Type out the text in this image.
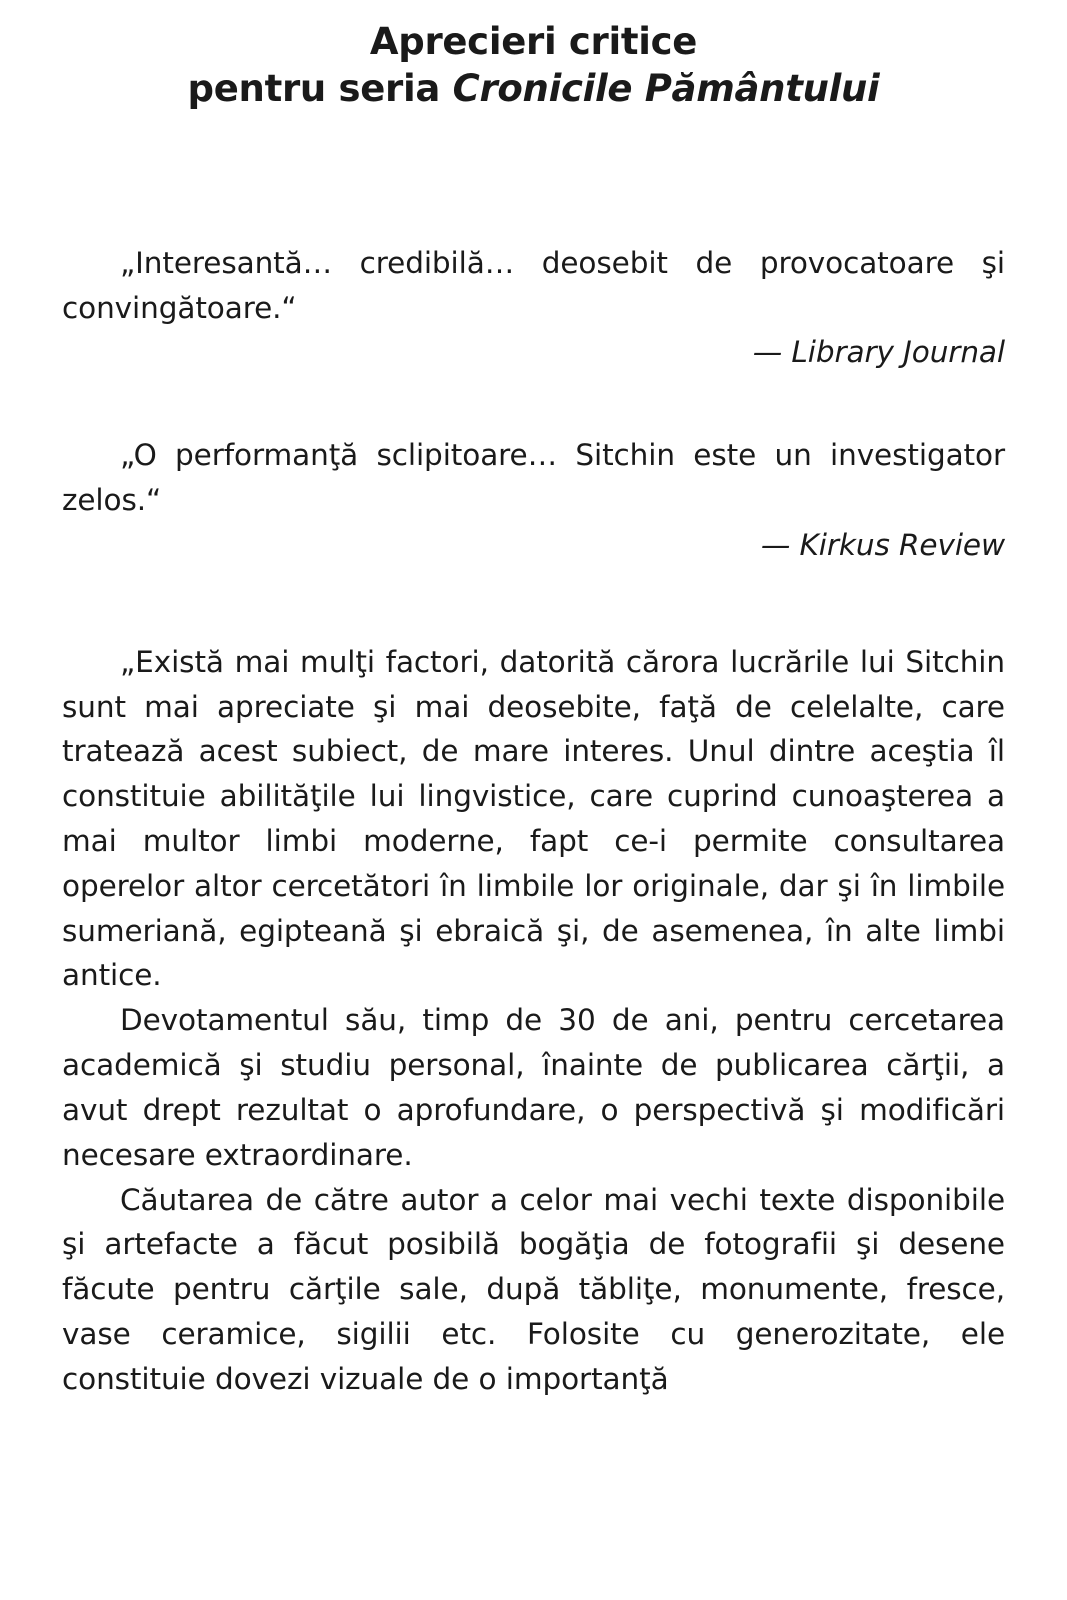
Aprecieri critice
pentru seria Cronicile Pământului

„Interesantă… credibilă… deosebit de provocatoare şi convingătoare.“

— Library Journal

„O performanţă sclipitoare… Sitchin este un investigator zelos.“

— Kirkus Review

„Există mai mulţi factori, datorită cărora lucrările lui Sitchin sunt mai apreciate şi mai deosebite, faţă de celelalte, care tratează acest subiect, de mare interes. Unul dintre aceştia îl constituie abilităţile lui lingvistice, care cuprind cunoaşterea a mai multor limbi moderne, fapt ce-i permite consultarea operelor altor cercetători în limbile lor originale, dar şi în limbile sumeriană, egipteană şi ebraică şi, de asemenea, în alte limbi antice.

Devotamentul său, timp de 30 de ani, pentru cercetarea academică şi studiu personal, înainte de publicarea cărţii, a avut drept rezultat o aprofundare, o perspectivă şi modificări necesare extraordinare.

Căutarea de către autor a celor mai vechi texte disponibile şi artefacte a făcut posibilă bogăţia de fotografii şi desene făcute pentru cărţile sale, după tăbliţe, monumente, fresce, vase ceramice, sigilii etc. Folosite cu generozitate, ele constituie dovezi vizuale de o importanţă
